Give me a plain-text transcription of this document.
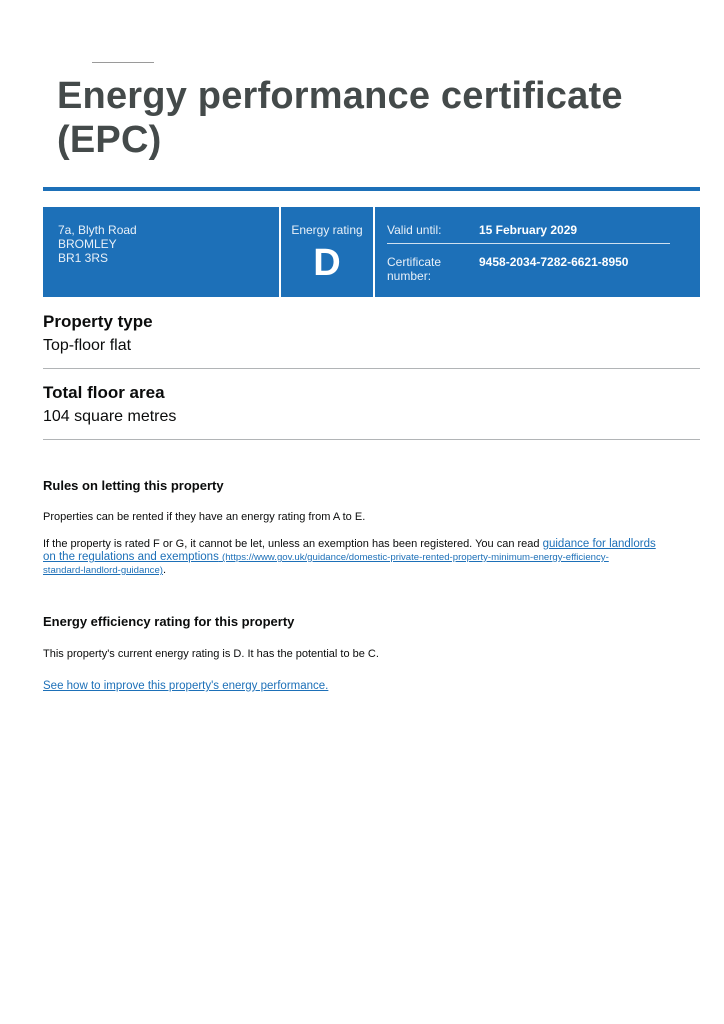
Energy performance certificate
(EPC)
7a, Blyth Road
BROMLEY
BR1 3RS
Energy rating
D
Valid until:	15 February 2029
Certificate
number:
9458-2034-7282-6621-8950
Property type
Top-floor flat
Total floor area
104 square metres
Rules on letting this property

Properties can be rented if they have an energy rating from A to E.

If the property is rated F or G, it cannot be let, unless an exemption has been registered. You can read guidance for landlords
on the regulations and exemptions (https://www.gov.uk/guidance/domestic-private-rented-property-minimum-energy-efficiency-
standard-landlord-guidance).

Energy efficiency rating for this property

This property's current energy rating is D. It has the potential to be C.

See how to improve this property's energy performance.
